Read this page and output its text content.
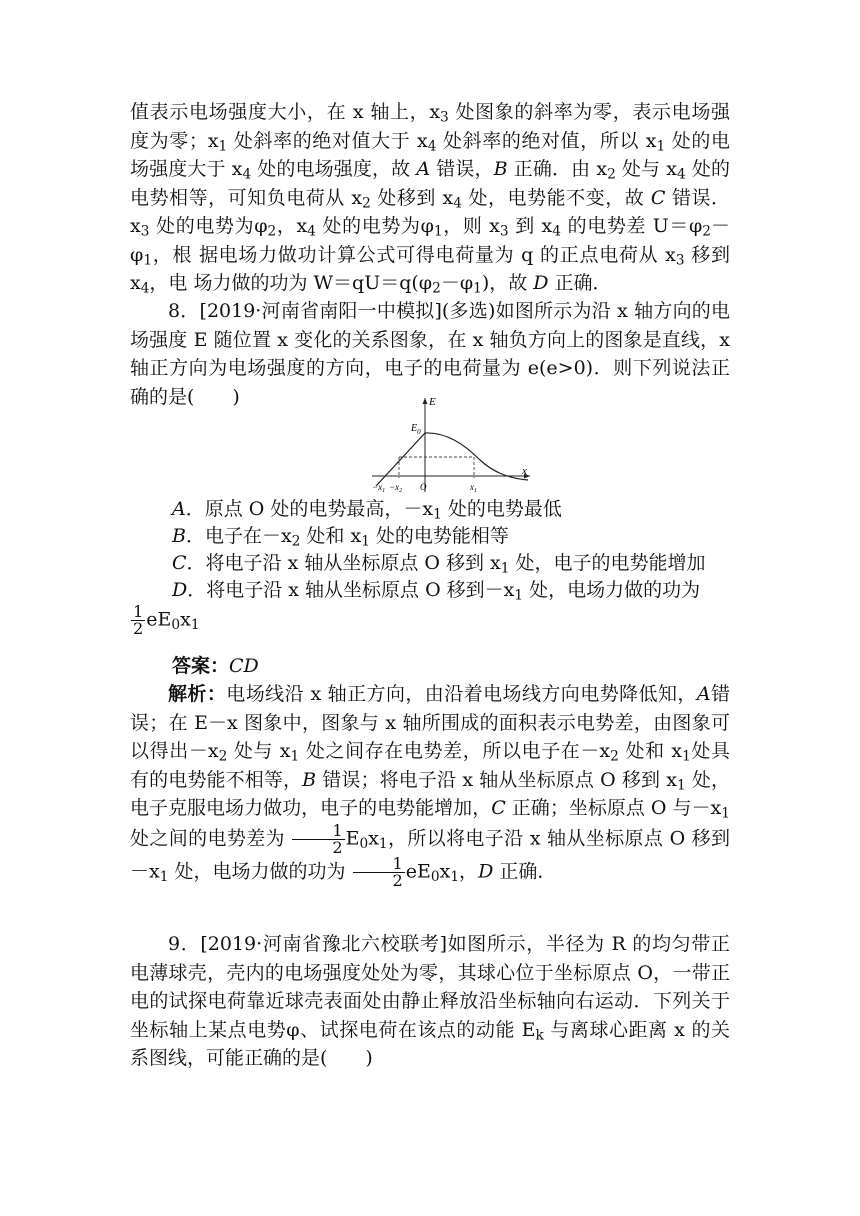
值表示电场强度大小，在 x 轴上，$x_3$ 处图象的斜率为零，表示电场强 度为零；$x_1$ 处斜率的绝对值大于 $x_4$ 处斜率的绝对值，所以 $x_1$ 处的电 场强度大于 $x_4$ 处的电场强度，故 A 错误，B 正确．由 $x_2$ 处与 $x_4$ 处的 电势相等，可知负电荷从 $x_2$ 处移到 $x_4$ 处，电势能不变，故 C 错误．$x_3$ 处的电势为$\varphi_2$，$x_4$ 处的电势为$\varphi_1$，则 $x_3$ 到 $x_4$ 的电势差 $U=\varphi_2-\varphi_1$，根 据电场力做功计算公式可得电荷量为 q 的正点电荷从 $x_3$ 移到 $x_4$，电 场力做的功为 $W=qU=q(\varphi_2-\varphi_1)$，故 D 正确．
8．[2019·河南省南阳一中模拟](多选)如图所示为沿 x 轴方向的电场强度 E 随位置 x 变化的关系图象，在 x 轴负方向上的图象是直线，x 轴正方向为电场强度的方向，电子的电荷量为 e(e>0)．则下列说法正确的是(　　)	E
x
$E_0$
$-x_1 -x_2$ O	$x_1$
A．原点 O 处的电势最高，$-x_1$ 处的电势最低
B．电子在$-x_2$ 处和 $x_1$ 处的电势能相等
C．将电子沿 x 轴从坐标原点 O 移到 $x_1$ 处，电子的电势能增加
D．将电子沿 x 轴从坐标原点 O 移到$-x_1$ 处，电场力做的功为
$\frac{1}{2} eE_0x_1$
答案：CD
解析：电场线沿 x 轴正方向，由沿着电场线方向电势降低知，A错误；在 E－x 图象中，图象与 x 轴所围成的面积表示电势差，由图象可以得出$-x_2$ 处与 $x_1$ 处之间存在电势差，所以电子在$-x_2$ 处和 $x_1$处具有的电势能不相等，B 错误；将电子沿 x 轴从坐标原点 O 移到 $x_1$ 处，电子克服电场力做功，电子的电势能增加，C 正确；坐标原点 O 与$-x_1$ 处之间的电势差为 $\frac{1}{2} E_0x_1$，所以将电子沿 x 轴从坐标原点 O 移到$-x_1$ 处，电场力做的功为 $\frac{1}{2} eE_0x_1$，D 正确．
9．[2019·河南省豫北六校联考]如图所示，半径为 R 的均匀带正电薄球壳，壳内的电场强度处处为零，其球心位于坐标原点 O，一带正电的试探电荷靠近球壳表面处由静止释放沿坐标轴向右运动．下列关于坐标轴上某点电势φ、试探电荷在该点的动能 $E_k$ 与离球心距离 x 的关系图线，可能正确的是(　　)
